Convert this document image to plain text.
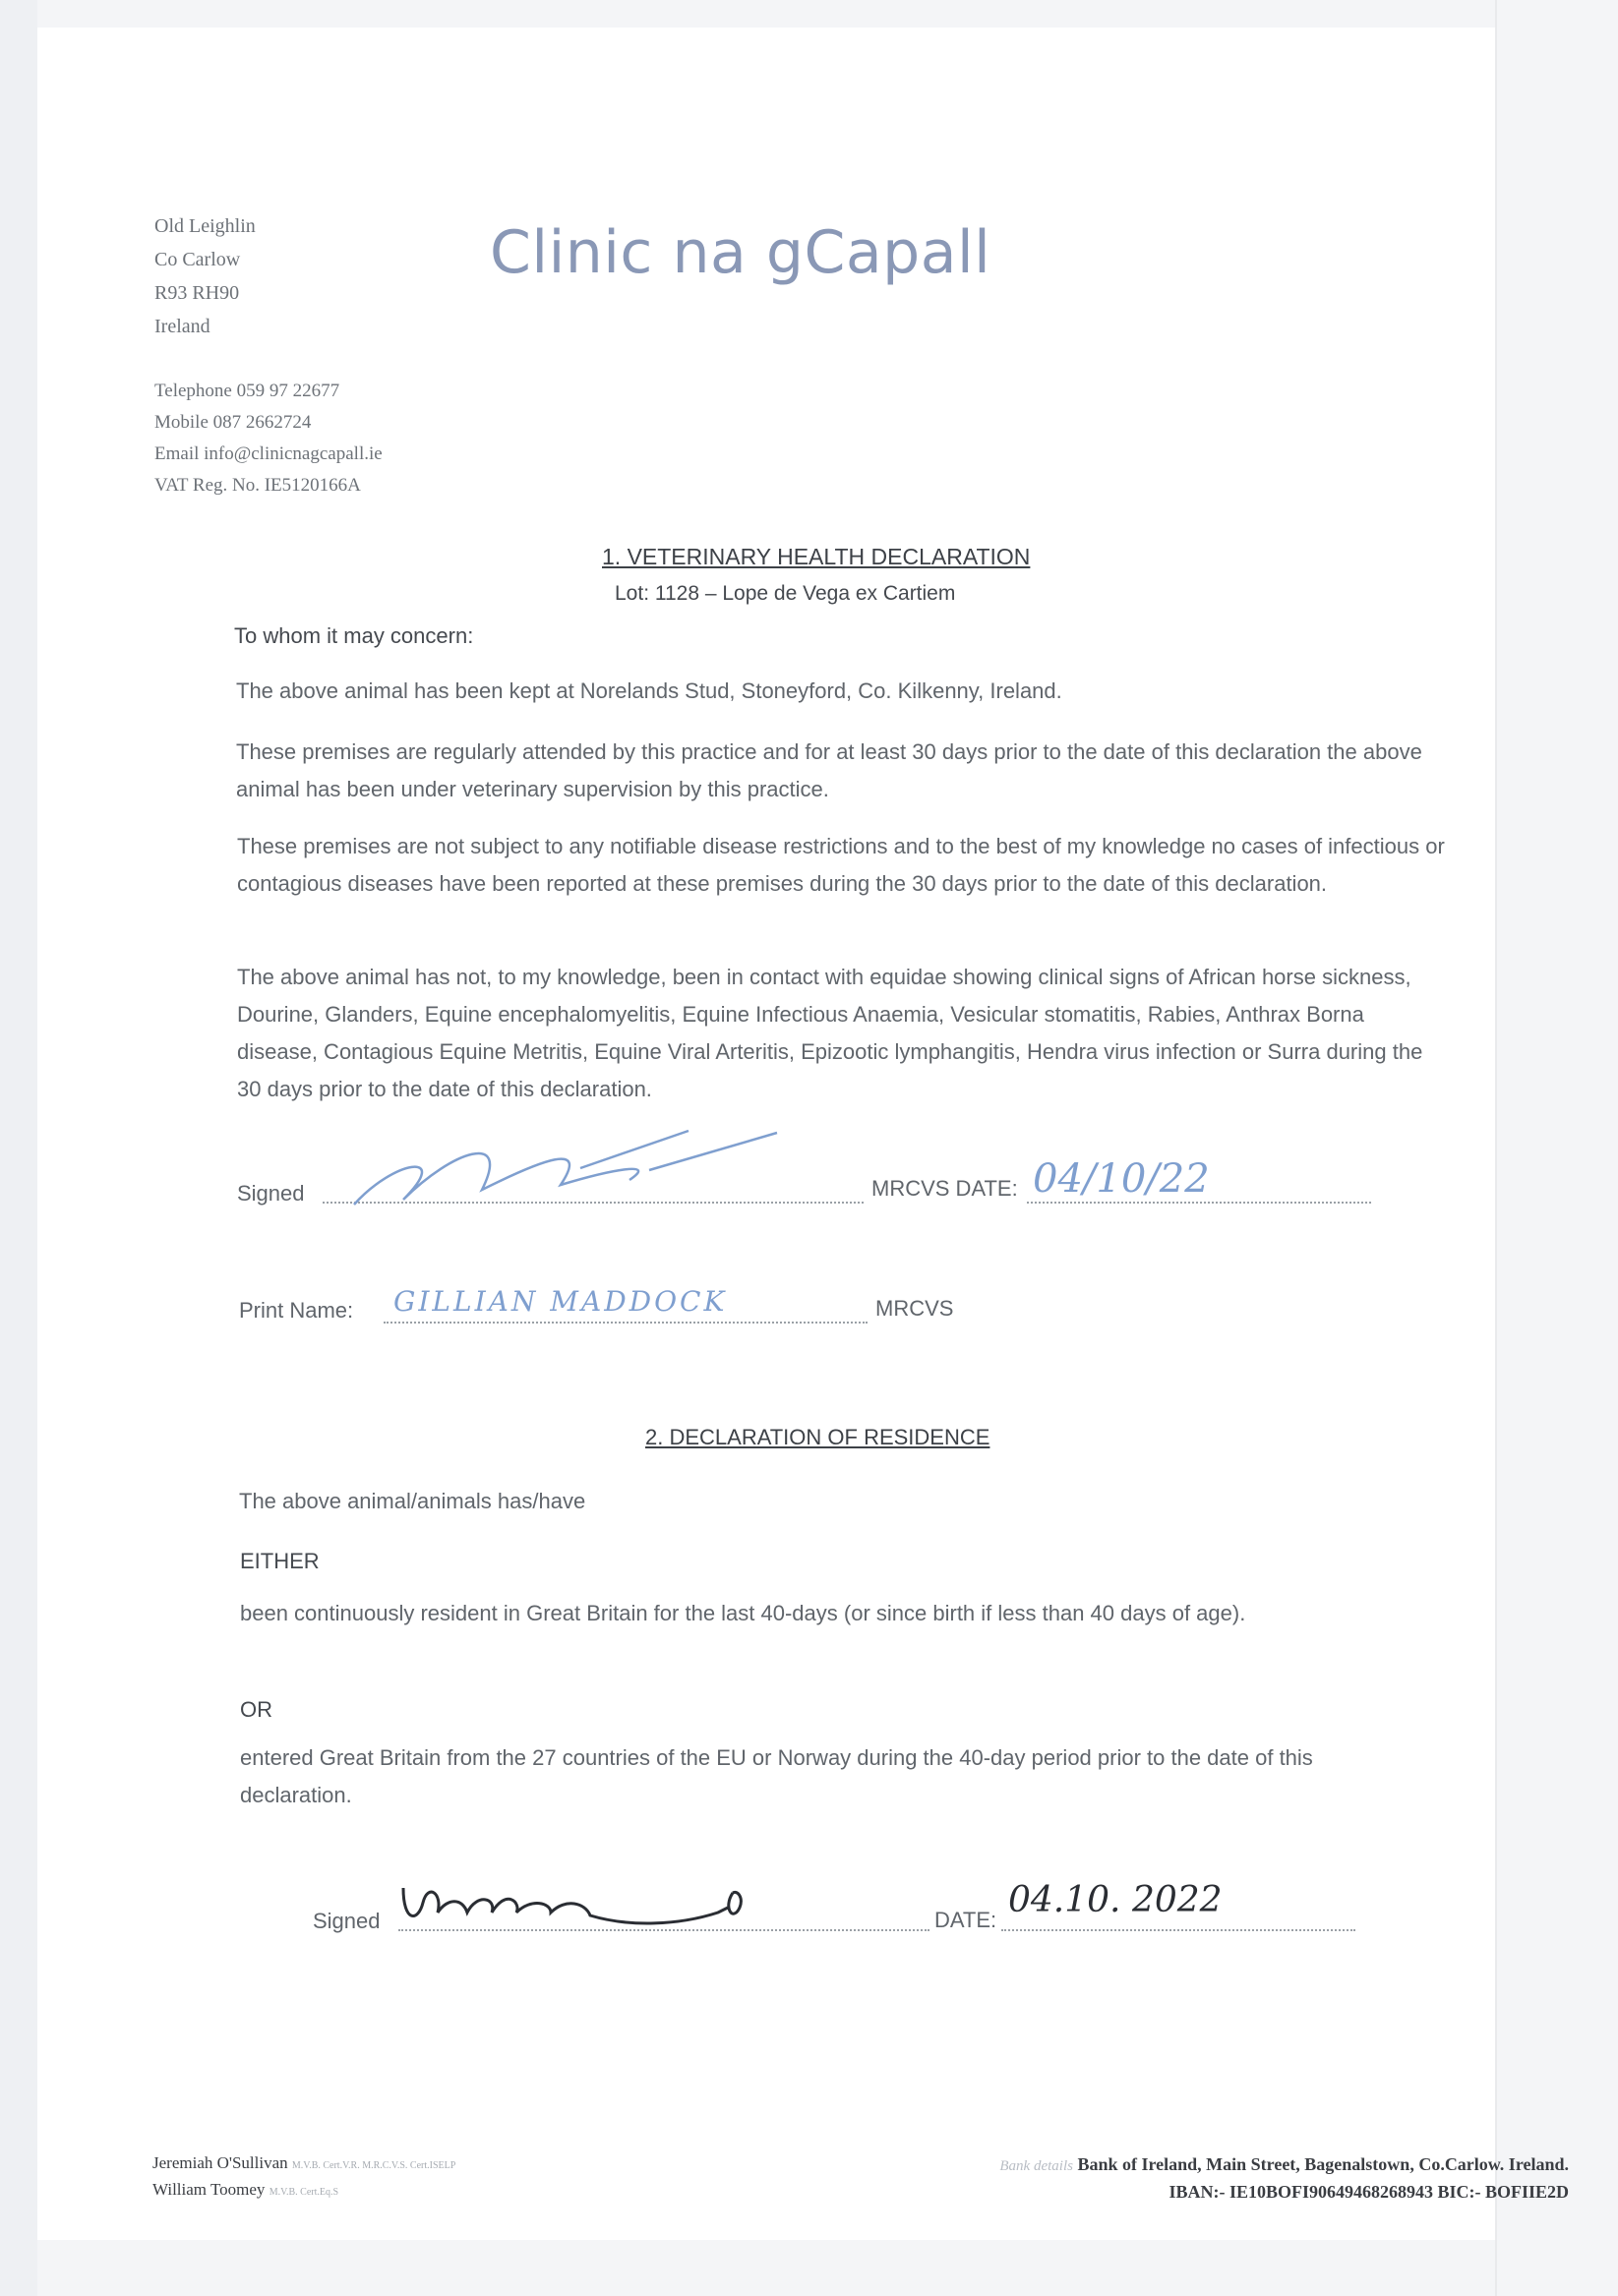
Old Leighlin
Co Carlow
R93 RH90
Ireland
Telephone 059 97 22677
Mobile 087 2662724
Email info@clinicnagcapall.ie
VAT Reg. No. IE5120166A
Clinic na gCapall
1. VETERINARY HEALTH DECLARATION
Lot: 1128 – Lope de Vega ex Cartiem
To whom it may concern:
The above animal has been kept at Norelands Stud, Stoneyford, Co. Kilkenny, Ireland.
These premises are regularly attended by this practice and for at least 30 days prior to the date of this declaration the above animal has been under veterinary supervision by this practice.
These premises are not subject to any notifiable disease restrictions and to the best of my knowledge no cases of infectious or contagious diseases have been reported at these premises during the 30 days prior to the date of this declaration.
The above animal has not, to my knowledge, been in contact with equidae showing clinical signs of African horse sickness, Dourine, Glanders, Equine encephalomyelitis, Equine Infectious Anaemia, Vesicular stomatitis, Rabies, Anthrax Borna disease, Contagious Equine Metritis, Equine Viral Arteritis, Epizootic lymphangitis, Hendra virus infection or Surra during the 30 days prior to the date of this declaration.
Signed	MRCVS DATE: 04/10/22
Print Name: GILLIAN MADDOCK	MRCVS
2. DECLARATION OF RESIDENCE
The above animal/animals has/have
EITHER
been continuously resident in Great Britain for the last 40-days (or since birth if less than 40 days of age).
OR
entered Great Britain from the 27 countries of the EU or Norway during the 40-day period prior to the date of this declaration.
Signed	DATE: 04.10. 2022
Jeremiah O'Sullivan M.V.B. Cert.V.R. M.R.C.V.S. Cert.ISELP
William Toomey M.V.B. Cert.Eq.S
Bank details Bank of Ireland, Main Street, Bagenalstown, Co.Carlow. Ireland.
IBAN:- IE10BOFI90649468268943 BIC:- BOFIIE2D
